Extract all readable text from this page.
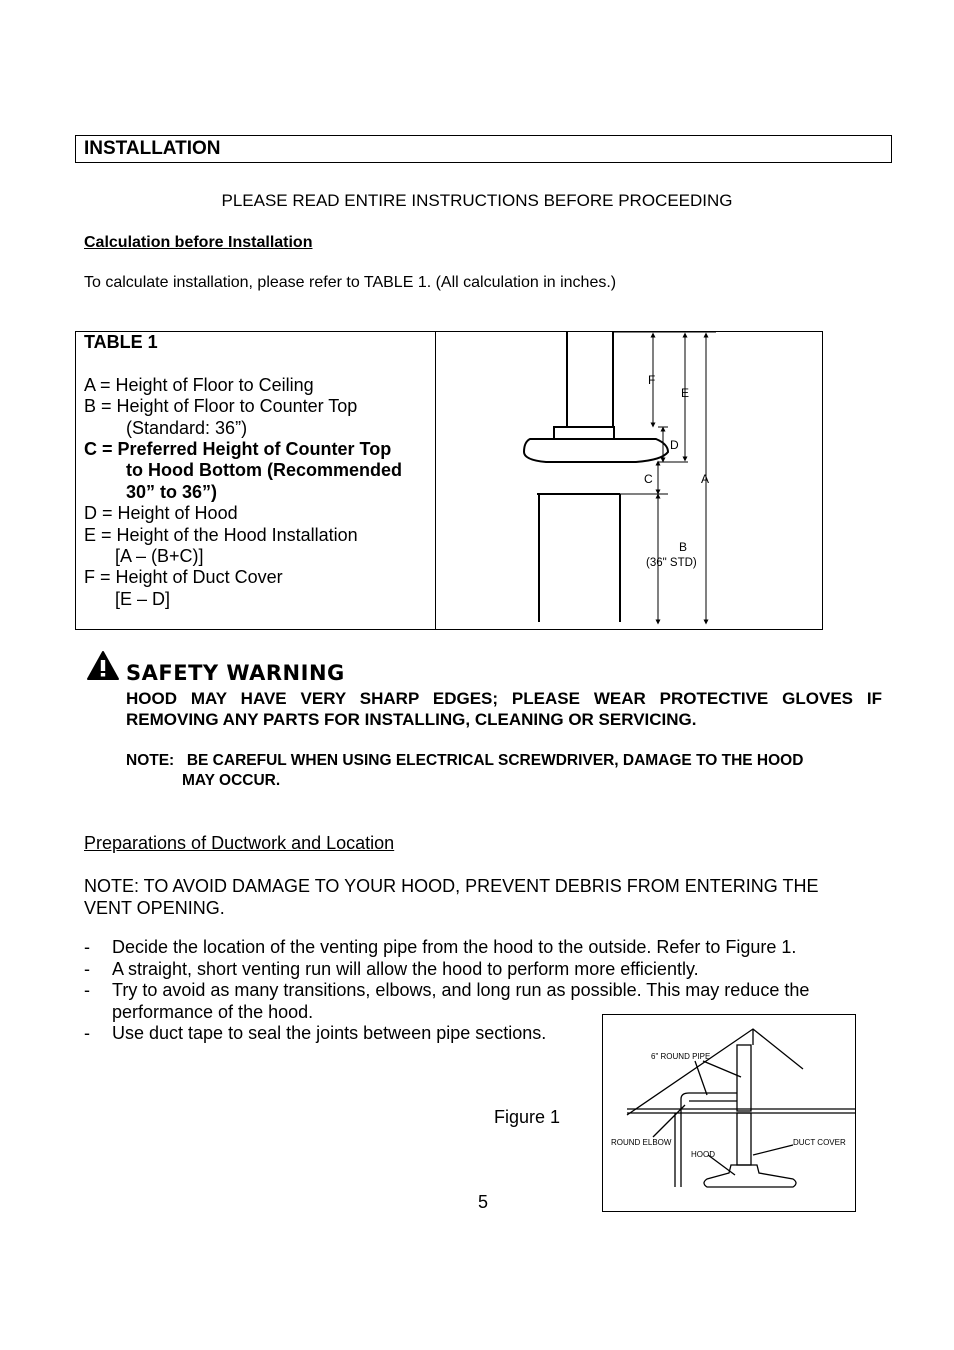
INSTALLATION
PLEASE READ ENTIRE INSTRUCTIONS BEFORE PROCEEDING
Calculation before Installation
To calculate installation, please refer to TABLE 1. (All calculation in inches.)
TABLE 1

A = Height of Floor to Ceiling
B = Height of Floor to Counter Top
(Standard: 36”)
C = Preferred Height of Counter Top
to Hood Bottom (Recommended
30” to 36”)
D = Height of Hood
E = Height of the Hood Installation
[A – (B+C)]
F = Height of Duct Cover
[E – D]
F
E
D
C	A
B
(36" STD)
SAFETY WARNING
HOOD MAY HAVE VERY SHARP EDGES; PLEASE WEAR PROTECTIVE GLOVES IF REMOVING ANY PARTS FOR INSTALLING, CLEANING OR SERVICING.
NOTE: BE CAREFUL WHEN USING ELECTRICAL SCREWDRIVER, DAMAGE TO THE HOOD
MAY OCCUR.
Preparations of Ductwork and Location
NOTE: TO AVOID DAMAGE TO YOUR HOOD, PREVENT DEBRIS FROM ENTERING THE
VENT OPENING.
-	Decide the location of the venting pipe from the hood to the outside. Refer to Figure 1.
-	A straight, short venting run will allow the hood to perform more efficiently.
-	Try to avoid as many transitions, elbows, and long run as possible. This may reduce the
performance of the hood.
-	Use duct tape to seal the joints between pipe sections.
Figure 1
6" ROUND PIPE
ROUND ELBOW
HOOD
DUCT COVER
5
